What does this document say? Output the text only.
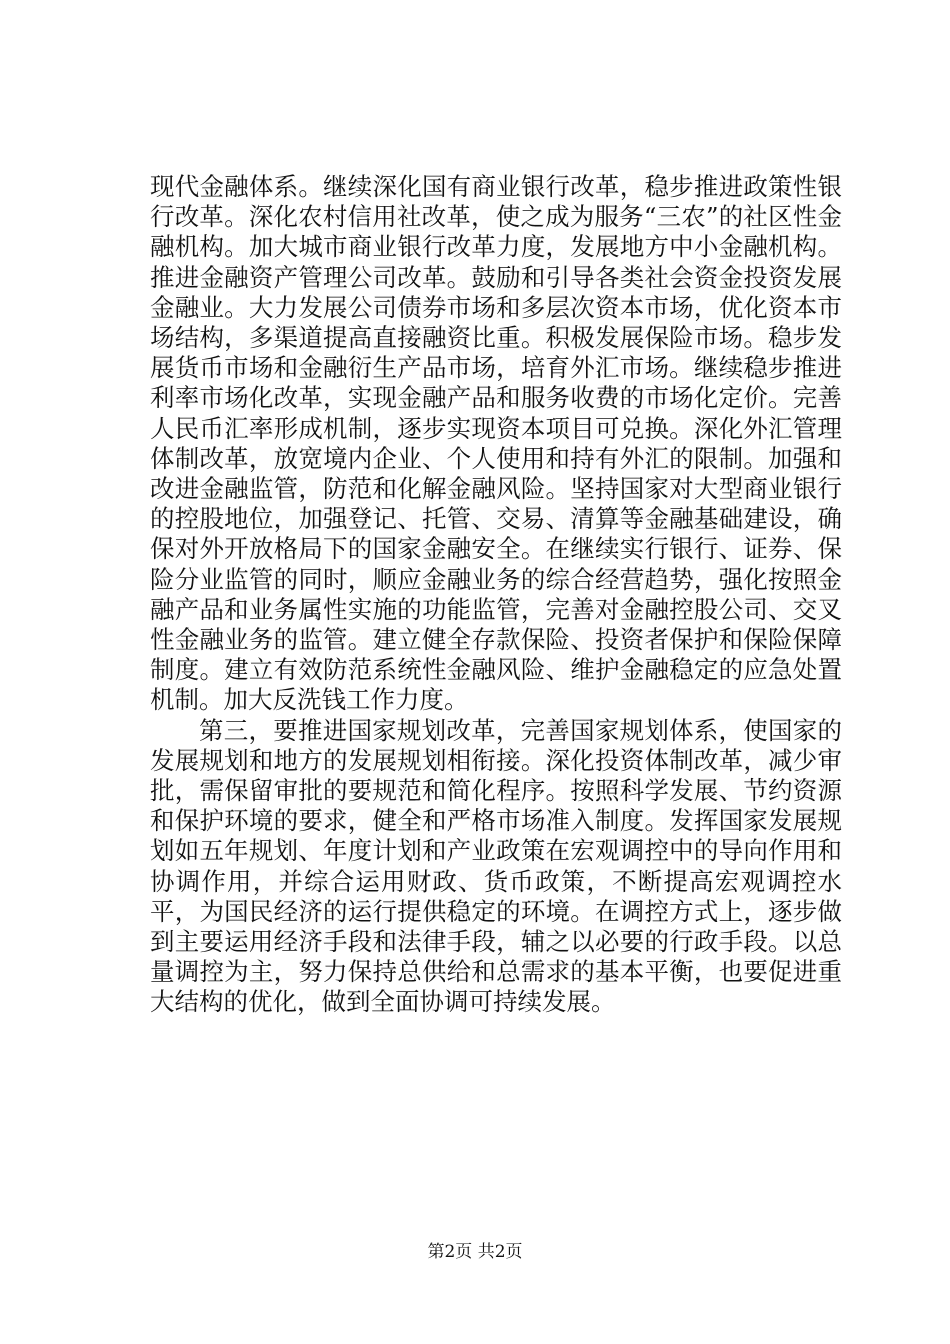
现代金融体系。继续深化国有商业银行改革，稳步推进政策性银行改革。深化农村信用社改革，使之成为服务“三农”的社区性金融机构。加大城市商业银行改革力度，发展地方中小金融机构。推进金融资产管理公司改革。鼓励和引导各类社会资金投资发展金融业。大力发展公司债券市场和多层次资本市场，优化资本市场结构，多渠道提高直接融资比重。积极发展保险市场。稳步发展货币市场和金融衍生产品市场，培育外汇市场。继续稳步推进利率市场化改革，实现金融产品和服务收费的市场化定价。完善人民币汇率形成机制，逐步实现资本项目可兑换。深化外汇管理体制改革，放宽境内企业、个人使用和持有外汇的限制。加强和改进金融监管，防范和化解金融风险。坚持国家对大型商业银行的控股地位，加强登记、托管、交易、清算等金融基础建设，确保对外开放格局下的国家金融安全。在继续实行银行、证券、保险分业监管的同时，顺应金融业务的综合经营趋势，强化按照金融产品和业务属性实施的功能监管，完善对金融控股公司、交叉性金融业务的监管。建立健全存款保险、投资者保护和保险保障制度。建立有效防范系统性金融风险、维护金融稳定的应急处置机制。加大反洗钱工作力度。

第三，要推进国家规划改革，完善国家规划体系，使国家的发展规划和地方的发展规划相衔接。深化投资体制改革，减少审批，需保留审批的要规范和简化程序。按照科学发展、节约资源和保护环境的要求，健全和严格市场准入制度。发挥国家发展规划如五年规划、年度计划和产业政策在宏观调控中的导向作用和协调作用，并综合运用财政、货币政策，不断提高宏观调控水平，为国民经济的运行提供稳定的环境。在调控方式上，逐步做到主要运用经济手段和法律手段，辅之以必要的行政手段。以总量调控为主，努力保持总供给和总需求的基本平衡，也要促进重大结构的优化，做到全面协调可持续发展。

第2页 共2页
